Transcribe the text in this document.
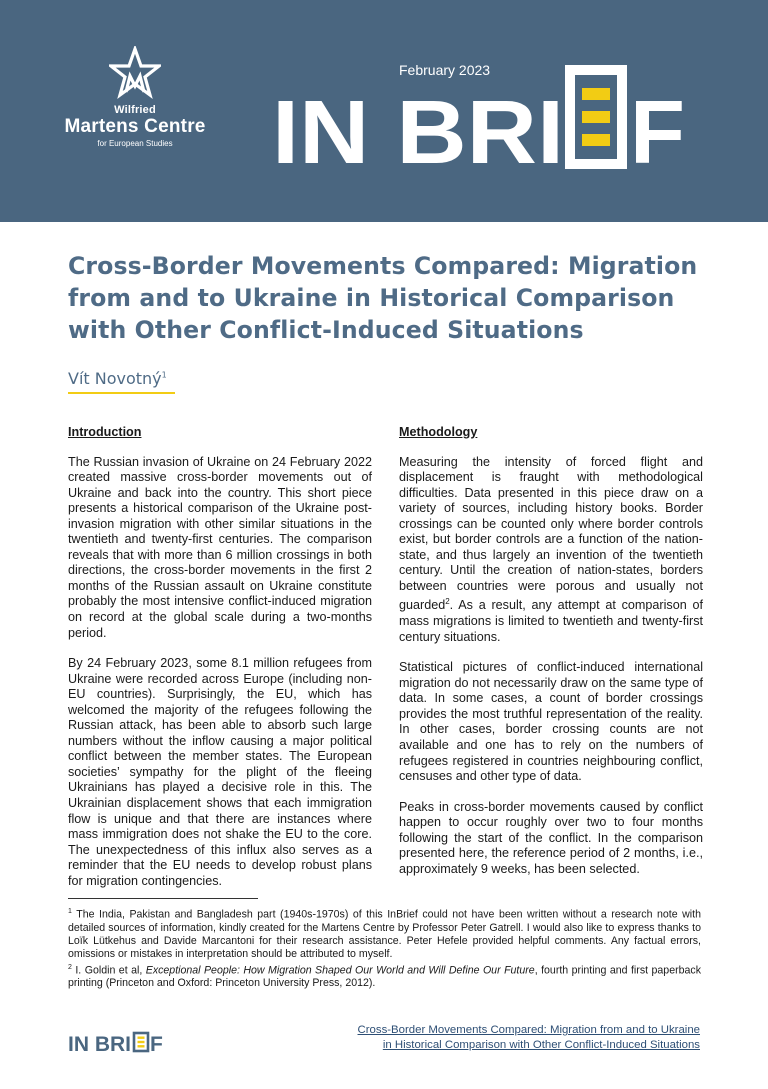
Wilfried
Martens Centre
for European Studies
February 2023
IN BRI F
Cross-Border Movements Compared: Migration from and to Ukraine in Historical Comparison with Other Conflict-Induced Situations
Vít Novotný$^1$
Introduction

The Russian invasion of Ukraine on 24 February 2022 created massive cross-border movements out of Ukraine and back into the country. This short piece presents a historical comparison of the Ukraine post-invasion migration with other similar situations in the twentieth and twenty-first centuries. The comparison reveals that with more than 6 million crossings in both directions, the cross-border movements in the first 2 months of the Russian assault on Ukraine constitute probably the most intensive conflict-induced migration on record at the global scale during a two-months period.

By 24 February 2023, some 8.1 million refugees from Ukraine were recorded across Europe (including non-EU countries). Surprisingly, the EU, which has welcomed the majority of the refugees following the Russian attack, has been able to absorb such large numbers without the inflow causing a major political conflict between the member states. The European societies’ sympathy for the plight of the fleeing Ukrainians has played a decisive role in this. The Ukrainian displacement shows that each immigration flow is unique and that there are instances where mass immigration does not shake the EU to the core. The unexpectedness of this influx also serves as a reminder that the EU needs to develop robust plans for migration contingencies.

Methodology

Measuring the intensity of forced flight and displacement is fraught with methodological difficulties. Data presented in this piece draw on a variety of sources, including history books. Border crossings can be counted only where border controls exist, but border controls are a function of the nation-state, and thus largely an invention of the twentieth century. Until the creation of nation-states, borders between countries were porous and usually not guarded$^2$. As a result, any attempt at comparison of mass migrations is limited to twentieth and twenty-first century situations.

Statistical pictures of conflict-induced international migration do not necessarily draw on the same type of data. In some cases, a count of border crossings provides the most truthful representation of the reality. In other cases, border crossing counts are not available and one has to rely on the numbers of refugees registered in countries neighbouring conflict, censuses and other type of data.

Peaks in cross-border movements caused by conflict happen to occur roughly over two to four months following the start of the conflict. In the comparison presented here, the reference period of 2 months, i.e., approximately 9 weeks, has been selected.

$^1$ The India, Pakistan and Bangladesh part (1940s-1970s) of this InBrief could not have been written without a research note with detailed sources of information, kindly created for the Martens Centre by Professor Peter Gatrell. I would also like to express thanks to Loïk Lütkehus and Davide Marcantoni for their research assistance. Peter Hefele provided helpful comments. Any factual errors, omissions or mistakes in interpretation should be attributed to myself.
$^2$ I. Goldin et al, Exceptional People: How Migration Shaped Our World and Will Define Our Future, fourth printing and first paperback printing (Princeton and Oxford: Princeton University Press, 2012).
IN BRI F
Cross-Border Movements Compared: Migration from and to Ukraine
in Historical Comparison with Other Conflict-Induced Situations
